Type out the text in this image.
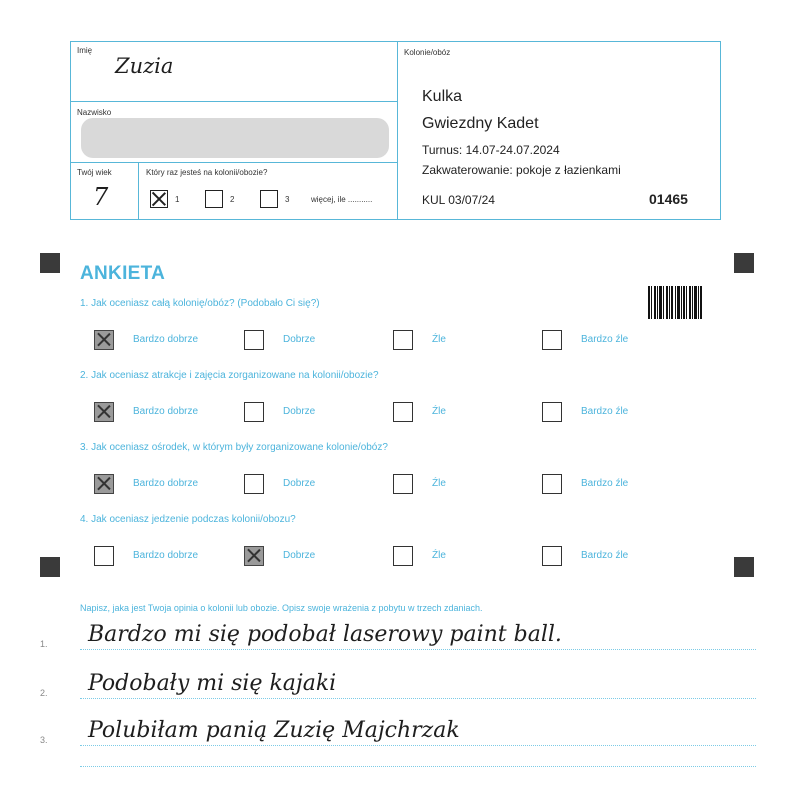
Imię
Zuzia
Nazwisko
Twój wiek
7
Który raz jesteś na kolonii/obozie?
1	2	3	więcej, ile ...........
Kolonie/obóz
Kulka
Gwiezdny Kadet
Turnus: 14.07-24.07.2024
Zakwaterowanie: pokoje z łazienkami
KUL 03/07/24	01465
ANKIETA
1. Jak oceniasz całą kolonię/obóz? (Podobało Ci się?)
Bardzo dobrze	Dobrze	Źle	Bardzo źle
2. Jak oceniasz atrakcje i zajęcia zorganizowane na kolonii/obozie?
Bardzo dobrze	Dobrze	Źle	Bardzo źle
3. Jak oceniasz ośrodek, w którym były zorganizowane kolonie/obóz?
Bardzo dobrze	Dobrze	Źle	Bardzo źle
4. Jak oceniasz jedzenie podczas kolonii/obozu?
Bardzo dobrze	Dobrze	Źle	Bardzo źle
Napisz, jaka jest Twoja opinia o kolonii lub obozie. Opisz swoje wrażenia z pobytu w trzech zdaniach.
1. Bardzo mi się podobał laserowy paint ball.
2. Podobały mi się kajaki
3. Polubiłam panią Zuzię Majchrzak
